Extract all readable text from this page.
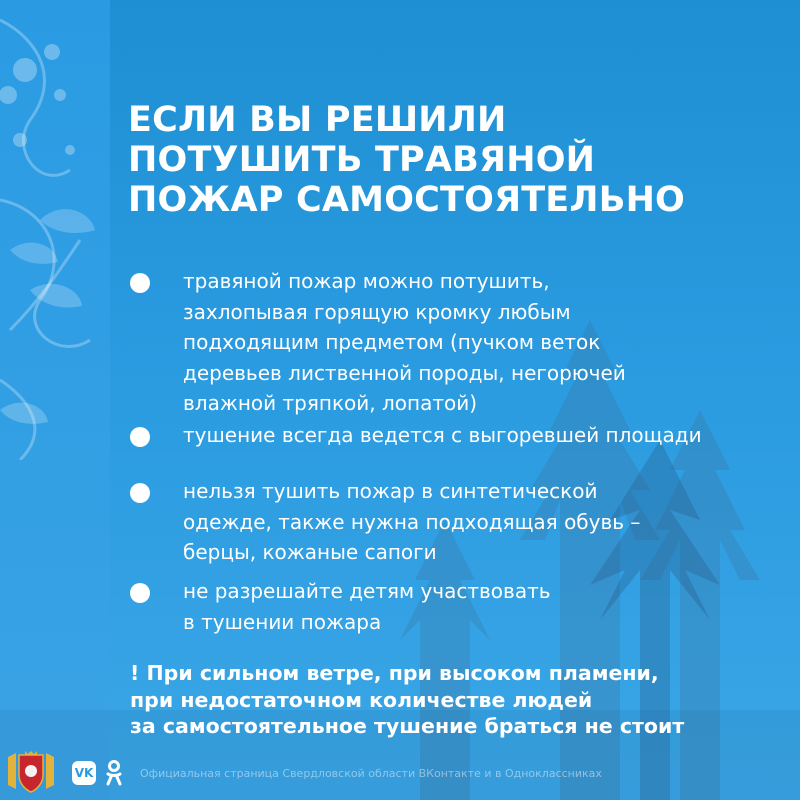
ЕСЛИ ВЫ РЕШИЛИ
ПОТУШИТЬ ТРАВЯНОЙ
ПОЖАР САМОСТОЯТЕЛЬНО
травяной пожар можно потушить,
захлопывая горящую кромку любым
подходящим предметом (пучком веток
деревьев лиственной породы, негорючей
влажной тряпкой, лопатой)
тушение всегда ведется с выгоревшей площади
нельзя тушить пожар в синтетической
одежде, также нужна подходящая обувь –
берцы, кожаные сапоги
не разрешайте детям участвовать
в тушении пожара

! При сильном ветре, при высоком пламени,
при недостаточном количестве людей
за самостоятельное тушение браться не стоит

VK	Официальная страница Свердловской области ВКонтакте и в Одноклассниках
